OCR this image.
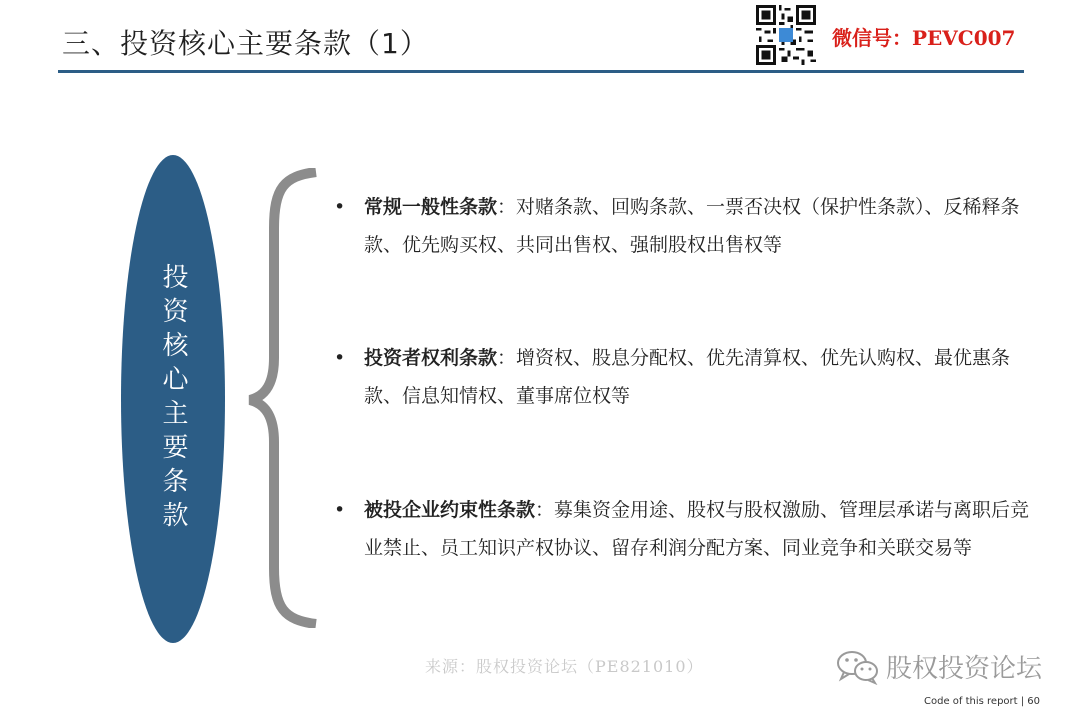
三、投资核心主要条款（1）	微信号：PEVC007
投资核心主要条款
• 常规一般性条款：对赌条款、回购条款、一票否决权（保护性条款）、反稀释条款、优先购买权、共同出售权、强制股权出售权等
• 投资者权利条款：增资权、股息分配权、优先清算权、优先认购权、最优惠条款、信息知情权、董事席位权等
• 被投企业约束性条款：募集资金用途、股权与股权激励、管理层承诺与离职后竞业禁止、员工知识产权协议、留存利润分配方案、同业竞争和关联交易等
来源：股权投资论坛（PE821010）	股权投资论坛
Code of this report | 60
